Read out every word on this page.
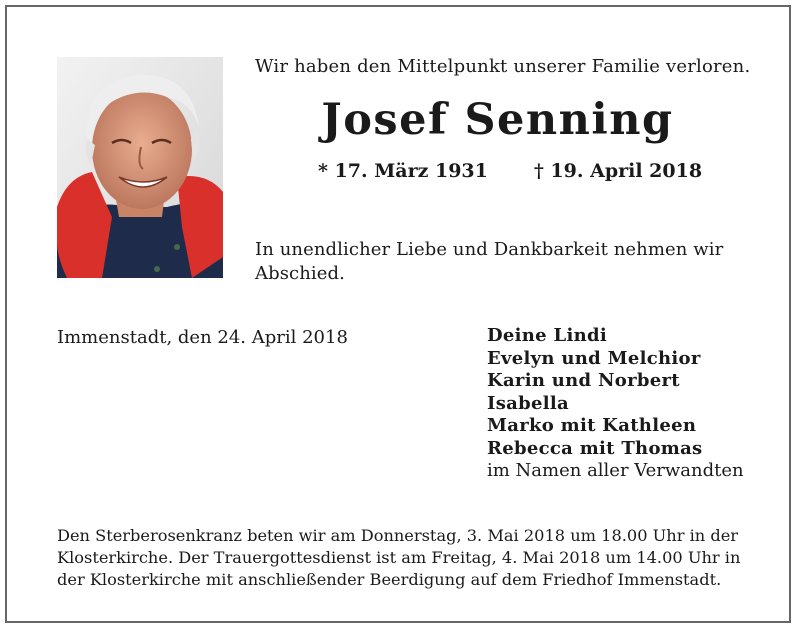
Wir haben den Mittelpunkt unserer Familie verloren.
Josef Senning
* 17. März 1931 † 19. April 2018
In unendlicher Liebe und Dankbarkeit nehmen wir Abschied.
Immenstadt, den 24. April 2018	Deine Lindi
Evelyn und Melchior
Karin und Norbert
Isabella
Marko mit Kathleen
Rebecca mit Thomas
im Namen aller Verwandten
Den Sterberosenkranz beten wir am Donnerstag, 3. Mai 2018 um 18.00 Uhr in der Klosterkirche. Der Trauergottesdienst ist am Freitag, 4. Mai 2018 um 14.00 Uhr in der Klosterkirche mit anschließender Beerdigung auf dem Friedhof Immenstadt.
